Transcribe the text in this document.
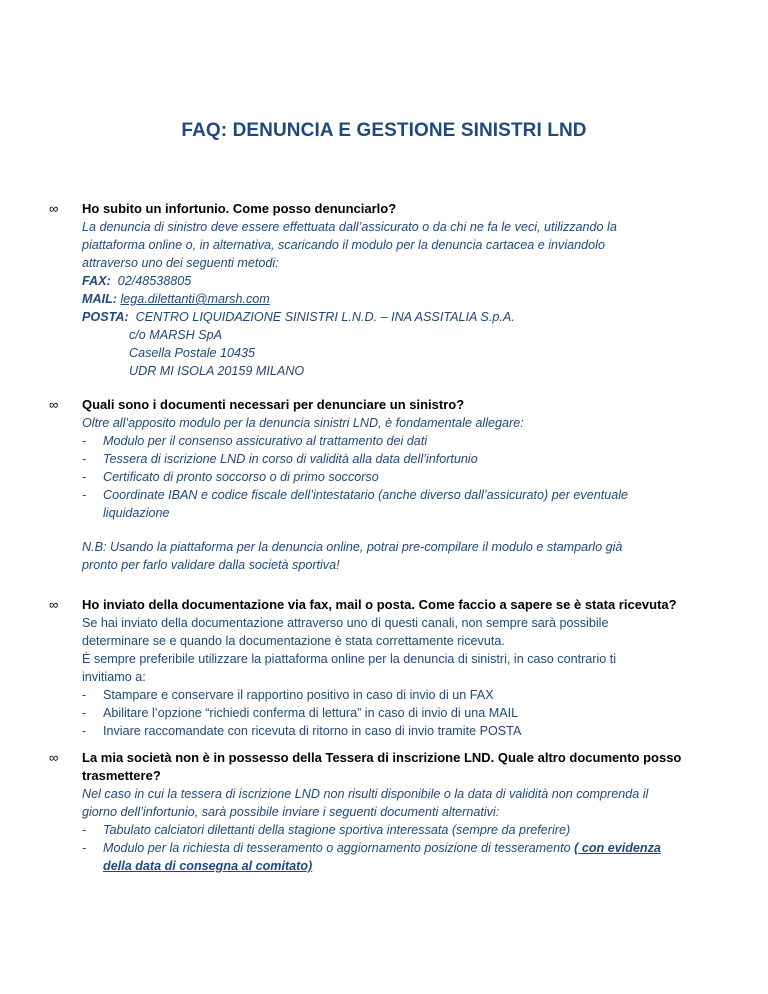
FAQ: DENUNCIA E GESTIONE SINISTRI LND
∞ Ho subito un infortunio. Come posso denunciarlo?

La denuncia di sinistro deve essere effettuata dall’assicurato o da chi ne fa le veci, utilizzando la

piattaforma online o, in alternativa, scaricando il modulo per la denuncia cartacea e inviandolo

attraverso uno dei seguenti metodi:

FAX: 02/48538805

MAIL: lega.dilettanti@marsh.com

POSTA: CENTRO LIQUIDAZIONE SINISTRI L.N.D. – INA ASSITALIA S.p.A.

c/o MARSH SpA

Casella Postale 10435

UDR MI ISOLA 20159 MILANO

∞ Quali sono i documenti necessari per denunciare un sinistro?

Oltre all’apposito modulo per la denuncia sinistri LND, è fondamentale allegare:

- Modulo per il consenso assicurativo al trattamento dei dati
- Tessera di iscrizione LND in corso di validità alla data dell’infortunio
- Certificato di pronto soccorso o di primo soccorso
- Coordinate IBAN e codice fiscale dell’intestatario (anche diverso dall’assicurato) per eventuale liquidazione

N.B: Usando la piattaforma per la denuncia online, potrai pre-compilare il modulo e stamparlo già

pronto per farlo validare dalla società sportiva!

∞ Ho inviato della documentazione via fax, mail o posta. Come faccio a sapere se è stata ricevuta?

Se hai inviato della documentazione attraverso uno di questi canali, non sempre sarà possibile

determinare se e quando la documentazione è stata correttamente ricevuta.

È sempre preferibile utilizzare la piattaforma online per la denuncia di sinistri, in caso contrario ti

invitiamo a:

- Stampare e conservare il rapportino positivo in caso di invio di un FAX
- Abilitare l’opzione “richiedi conferma di lettura” in caso di invio di una MAIL
- Inviare raccomandate con ricevuta di ritorno in caso di invio tramite POSTA
∞ La mia società non è in possesso della Tessera di inscrizione LND. Quale altro documento posso

trasmettere?

Nel caso in cui la tessera di iscrizione LND non risulti disponibile o la data di validità non comprenda il

giorno dell’infortunio, sarà possibile inviare i seguenti documenti alternativi:

- Tabulato calciatori dilettanti della stagione sportiva interessata (sempre da preferire)
- Modulo per la richiesta di tesseramento o aggiornamento posizione di tesseramento ( con evidenza
della data di consegna al comitato)
